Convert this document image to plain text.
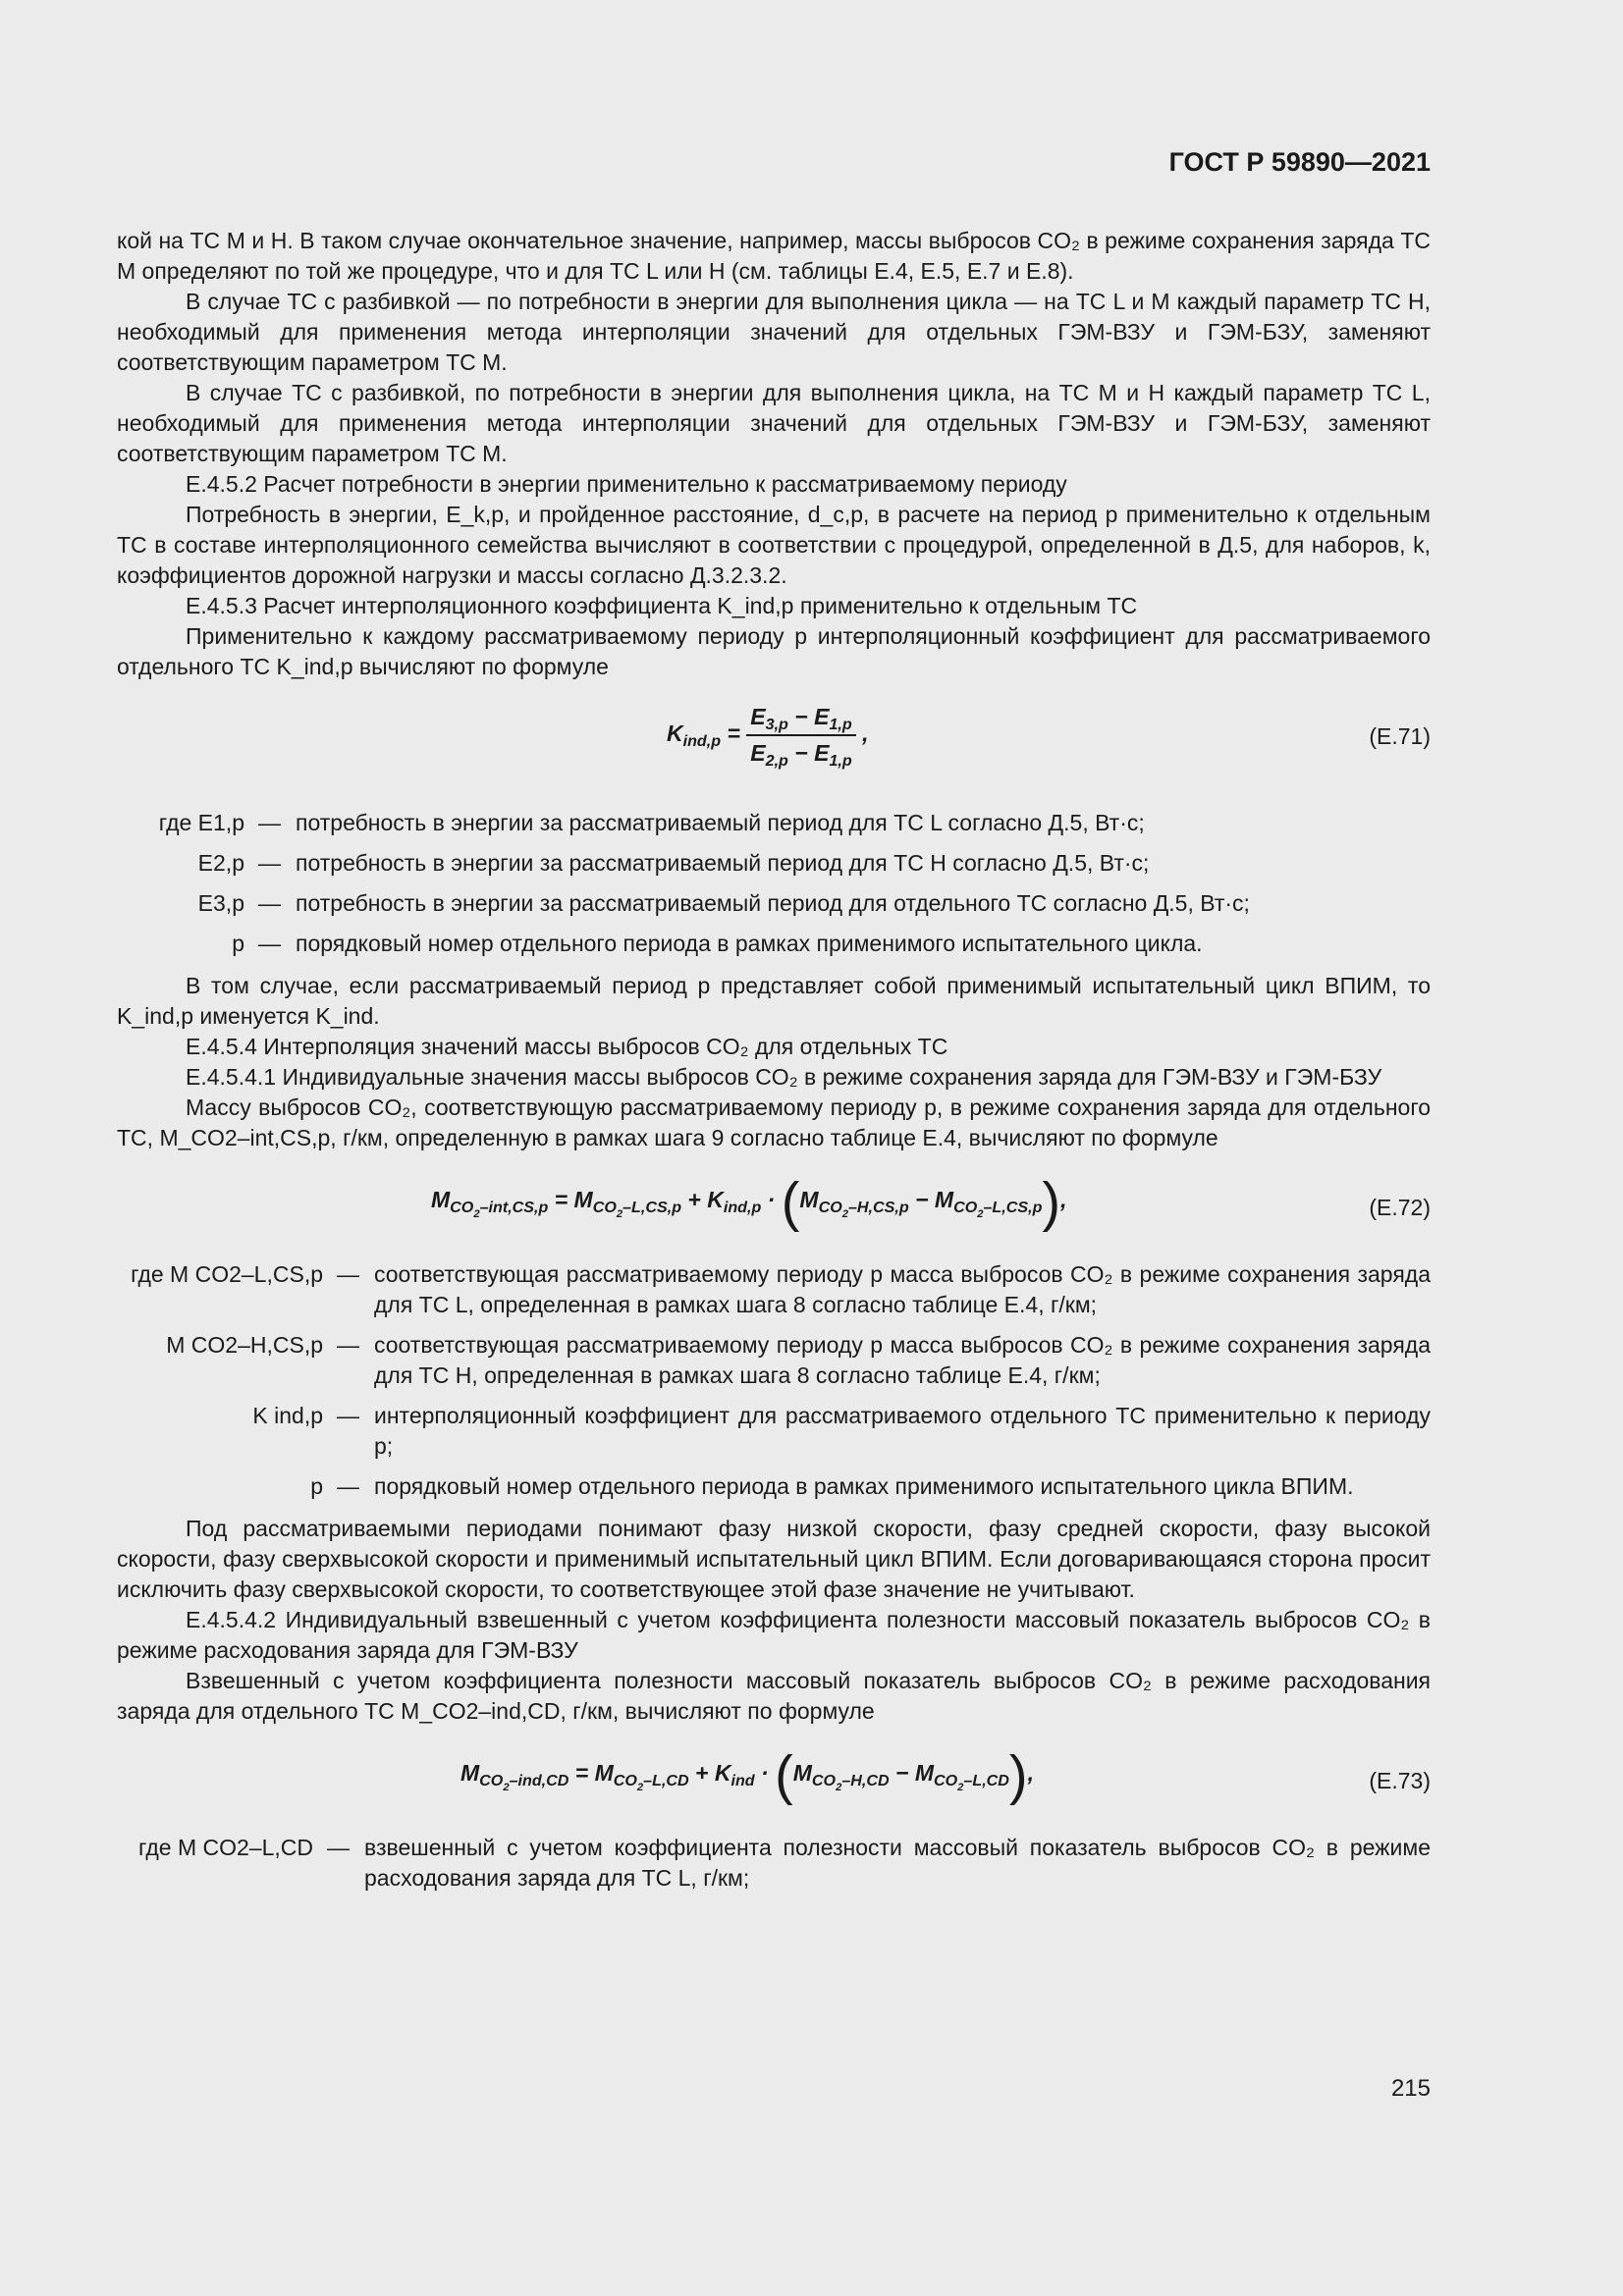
ГОСТ Р 59890—2021

кой на ТС M и H. В таком случае окончательное значение, например, массы выбросов CO₂ в режиме сохранения заряда ТС M определяют по той же процедуре, что и для ТС L или H (см. таблицы E.4, E.5, E.7 и E.8).

В случае ТС с разбивкой — по потребности в энергии для выполнения цикла — на ТС L и M каждый параметр ТС H, необходимый для применения метода интерполяции значений для отдельных ГЭМ-ВЗУ и ГЭМ-БЗУ, заменяют соответствующим параметром ТС M.

В случае ТС с разбивкой, по потребности в энергии для выполнения цикла, на ТС M и H каждый параметр ТС L, необходимый для применения метода интерполяции значений для отдельных ГЭМ-ВЗУ и ГЭМ-БЗУ, заменяют соответствующим параметром ТС M.

E.4.5.2 Расчет потребности в энергии применительно к рассматриваемому периоду

Потребность в энергии, E_k,p, и пройденное расстояние, d_c,p, в расчете на период p применительно к отдельным ТС в составе интерполяционного семейства вычисляют в соответствии с процедурой, определенной в Д.5, для наборов, k, коэффициентов дорожной нагрузки и массы согласно Д.3.2.3.2.

E.4.5.3 Расчет интерполяционного коэффициента K_ind,p применительно к отдельным ТС

Применительно к каждому рассматриваемому периоду p интерполяционный коэффициент для рассматриваемого отдельного ТС K_ind,p вычисляют по формуле

$K_{ind,p} = \frac{E_{3,p} - E_{1,p}}{E_{2,p} - E_{1,p}}$ ,	(E.71)
где E1,p — потребность в энергии за рассматриваемый период для ТС L согласно Д.5, Вт·с;
E2,p — потребность в энергии за рассматриваемый период для ТС H согласно Д.5, Вт·с;
E3,p — потребность в энергии за рассматриваемый период для отдельного ТС согласно Д.5, Вт·с;
p — порядковый номер отдельного периода в рамках применимого испытательного цикла.

В том случае, если рассматриваемый период p представляет собой применимый испытательный цикл ВПИМ, то K_ind,p именуется K_ind.

E.4.5.4 Интерполяция значений массы выбросов CO₂ для отдельных ТС

E.4.5.4.1 Индивидуальные значения массы выбросов CO₂ в режиме сохранения заряда для ГЭМ-ВЗУ и ГЭМ-БЗУ

Массу выбросов CO₂, соответствующую рассматриваемому периоду p, в режиме сохранения заряда для отдельного ТС, M_CO2–int,CS,p, г/км, определенную в рамках шага 9 согласно таблице E.4, вычисляют по формуле

$M_{CO_2-int,CS,p} = M_{CO_2-L,CS,p} + K_{ind,p} \cdot (M_{CO_2-H,CS,p} - M_{CO_2-L,CS,p})$,	(E.72)
где M CO2–L,CS,p — соответствующая рассматриваемому периоду p масса выбросов CO₂ в режиме сохранения заряда для ТС L, определенная в рамках шага 8 согласно таблице E.4, г/км;
M CO2–H,CS,p — соответствующая рассматриваемому периоду p масса выбросов CO₂ в режиме сохранения заряда для ТС H, определенная в рамках шага 8 согласно таблице E.4, г/км;
K ind,p — интерполяционный коэффициент для рассматриваемого отдельного ТС применительно к периоду p;
p — порядковый номер отдельного периода в рамках применимого испытательного цикла ВПИМ.

Под рассматриваемыми периодами понимают фазу низкой скорости, фазу средней скорости, фазу высокой скорости, фазу сверхвысокой скорости и применимый испытательный цикл ВПИМ. Если договаривающаяся сторона просит исключить фазу сверхвысокой скорости, то соответствующее этой фазе значение не учитывают.

E.4.5.4.2 Индивидуальный взвешенный с учетом коэффициента полезности массовый показатель выбросов CO₂ в режиме расходования заряда для ГЭМ-ВЗУ

Взвешенный с учетом коэффициента полезности массовый показатель выбросов CO₂ в режиме расходования заряда для отдельного ТС M_CO2–ind,CD, г/км, вычисляют по формуле

$M_{CO_2-ind,CD} = M_{CO_2-L,CD} + K_{ind} \cdot (M_{CO_2-H,CD} - M_{CO_2-L,CD})$,	(E.73)
где M CO2–L,CD — взвешенный с учетом коэффициента полезности массовый показатель выбросов CO₂ в режиме расходования заряда для ТС L, г/км;
215
